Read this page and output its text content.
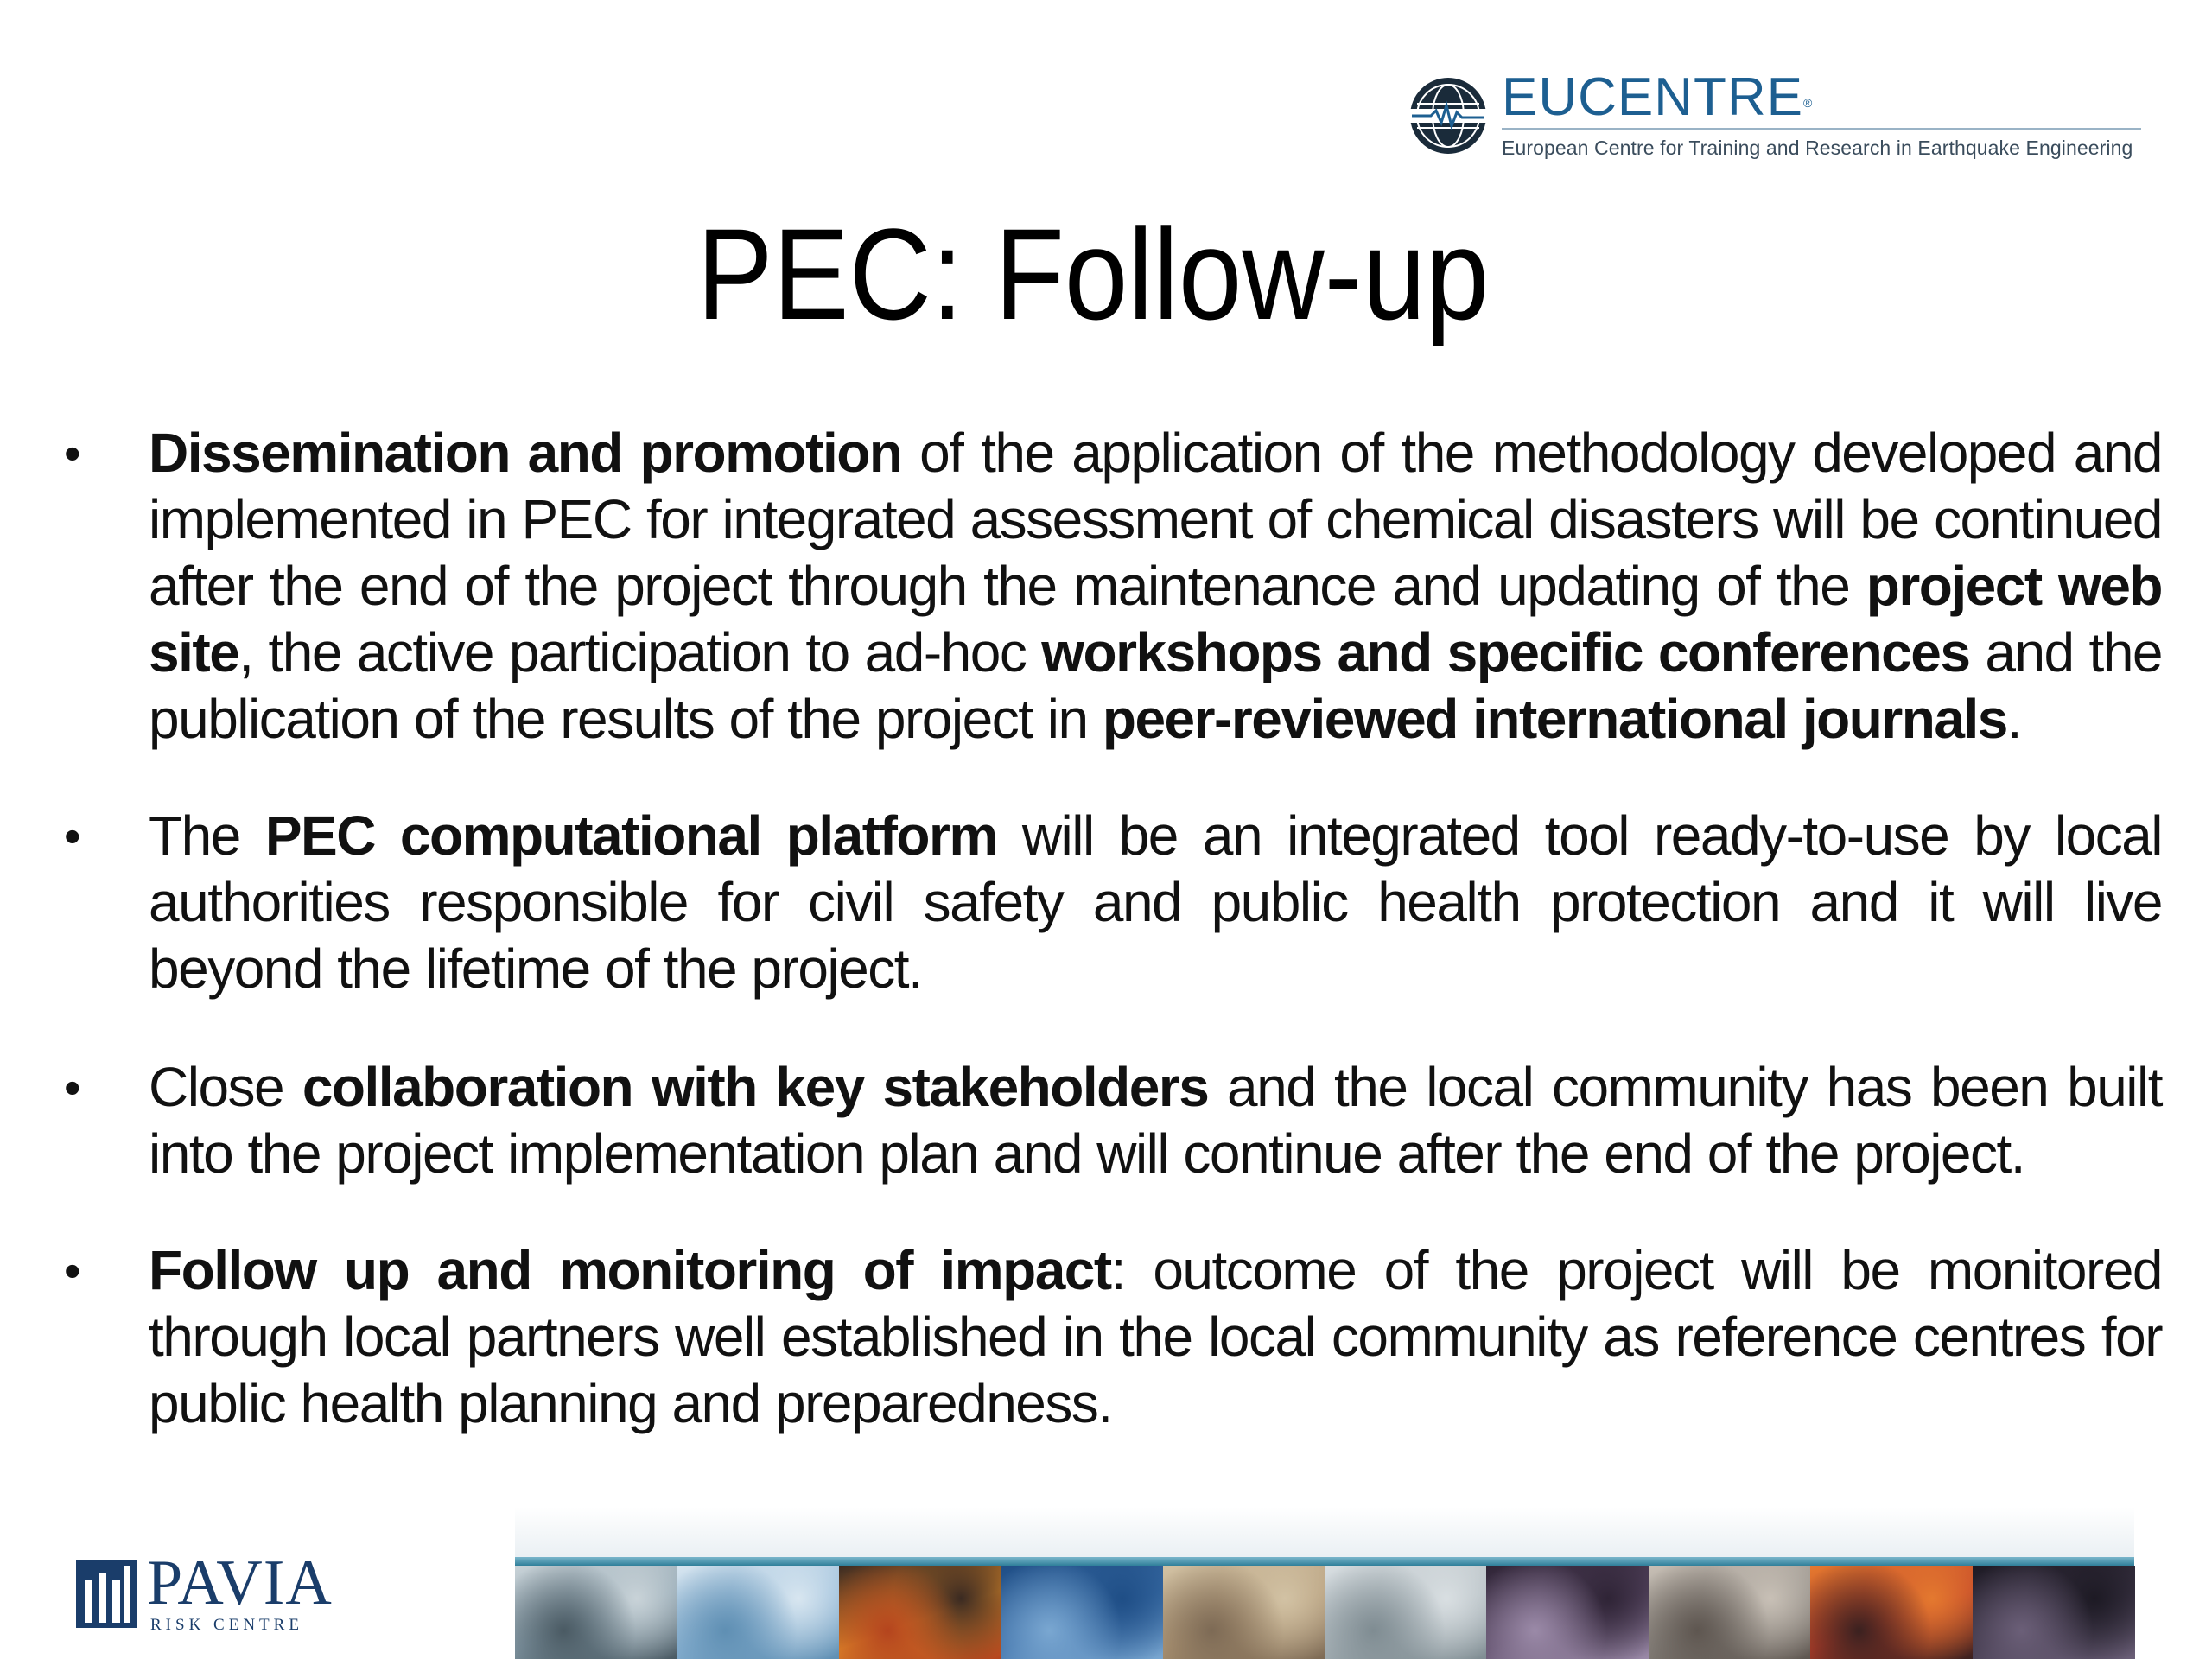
EUCENTRE®
European Centre for Training and Research in Earthquake Engineering
PEC: Follow-up
• Dissemination and promotion of the application of the methodology developed and implemented in PEC for integrated assessment of chemical disasters will be continued after the end of the project through the maintenance and updating of the project web site, the active participation to ad-hoc workshops and specific conferences and the publication of the results of the project in peer-reviewed international journals.
• The PEC computational platform will be an integrated tool ready-to-use by local authorities responsible for civil safety and public health protection and it will live beyond the lifetime of the project.
• Close collaboration with key stakeholders and the local community has been built into the project implementation plan and will continue after the end of the project.
• Follow up and monitoring of impact: outcome of the project will be monitored through local partners well established in the local community as reference centres for public health planning and preparedness.
PAVIA
RISK CENTRE
